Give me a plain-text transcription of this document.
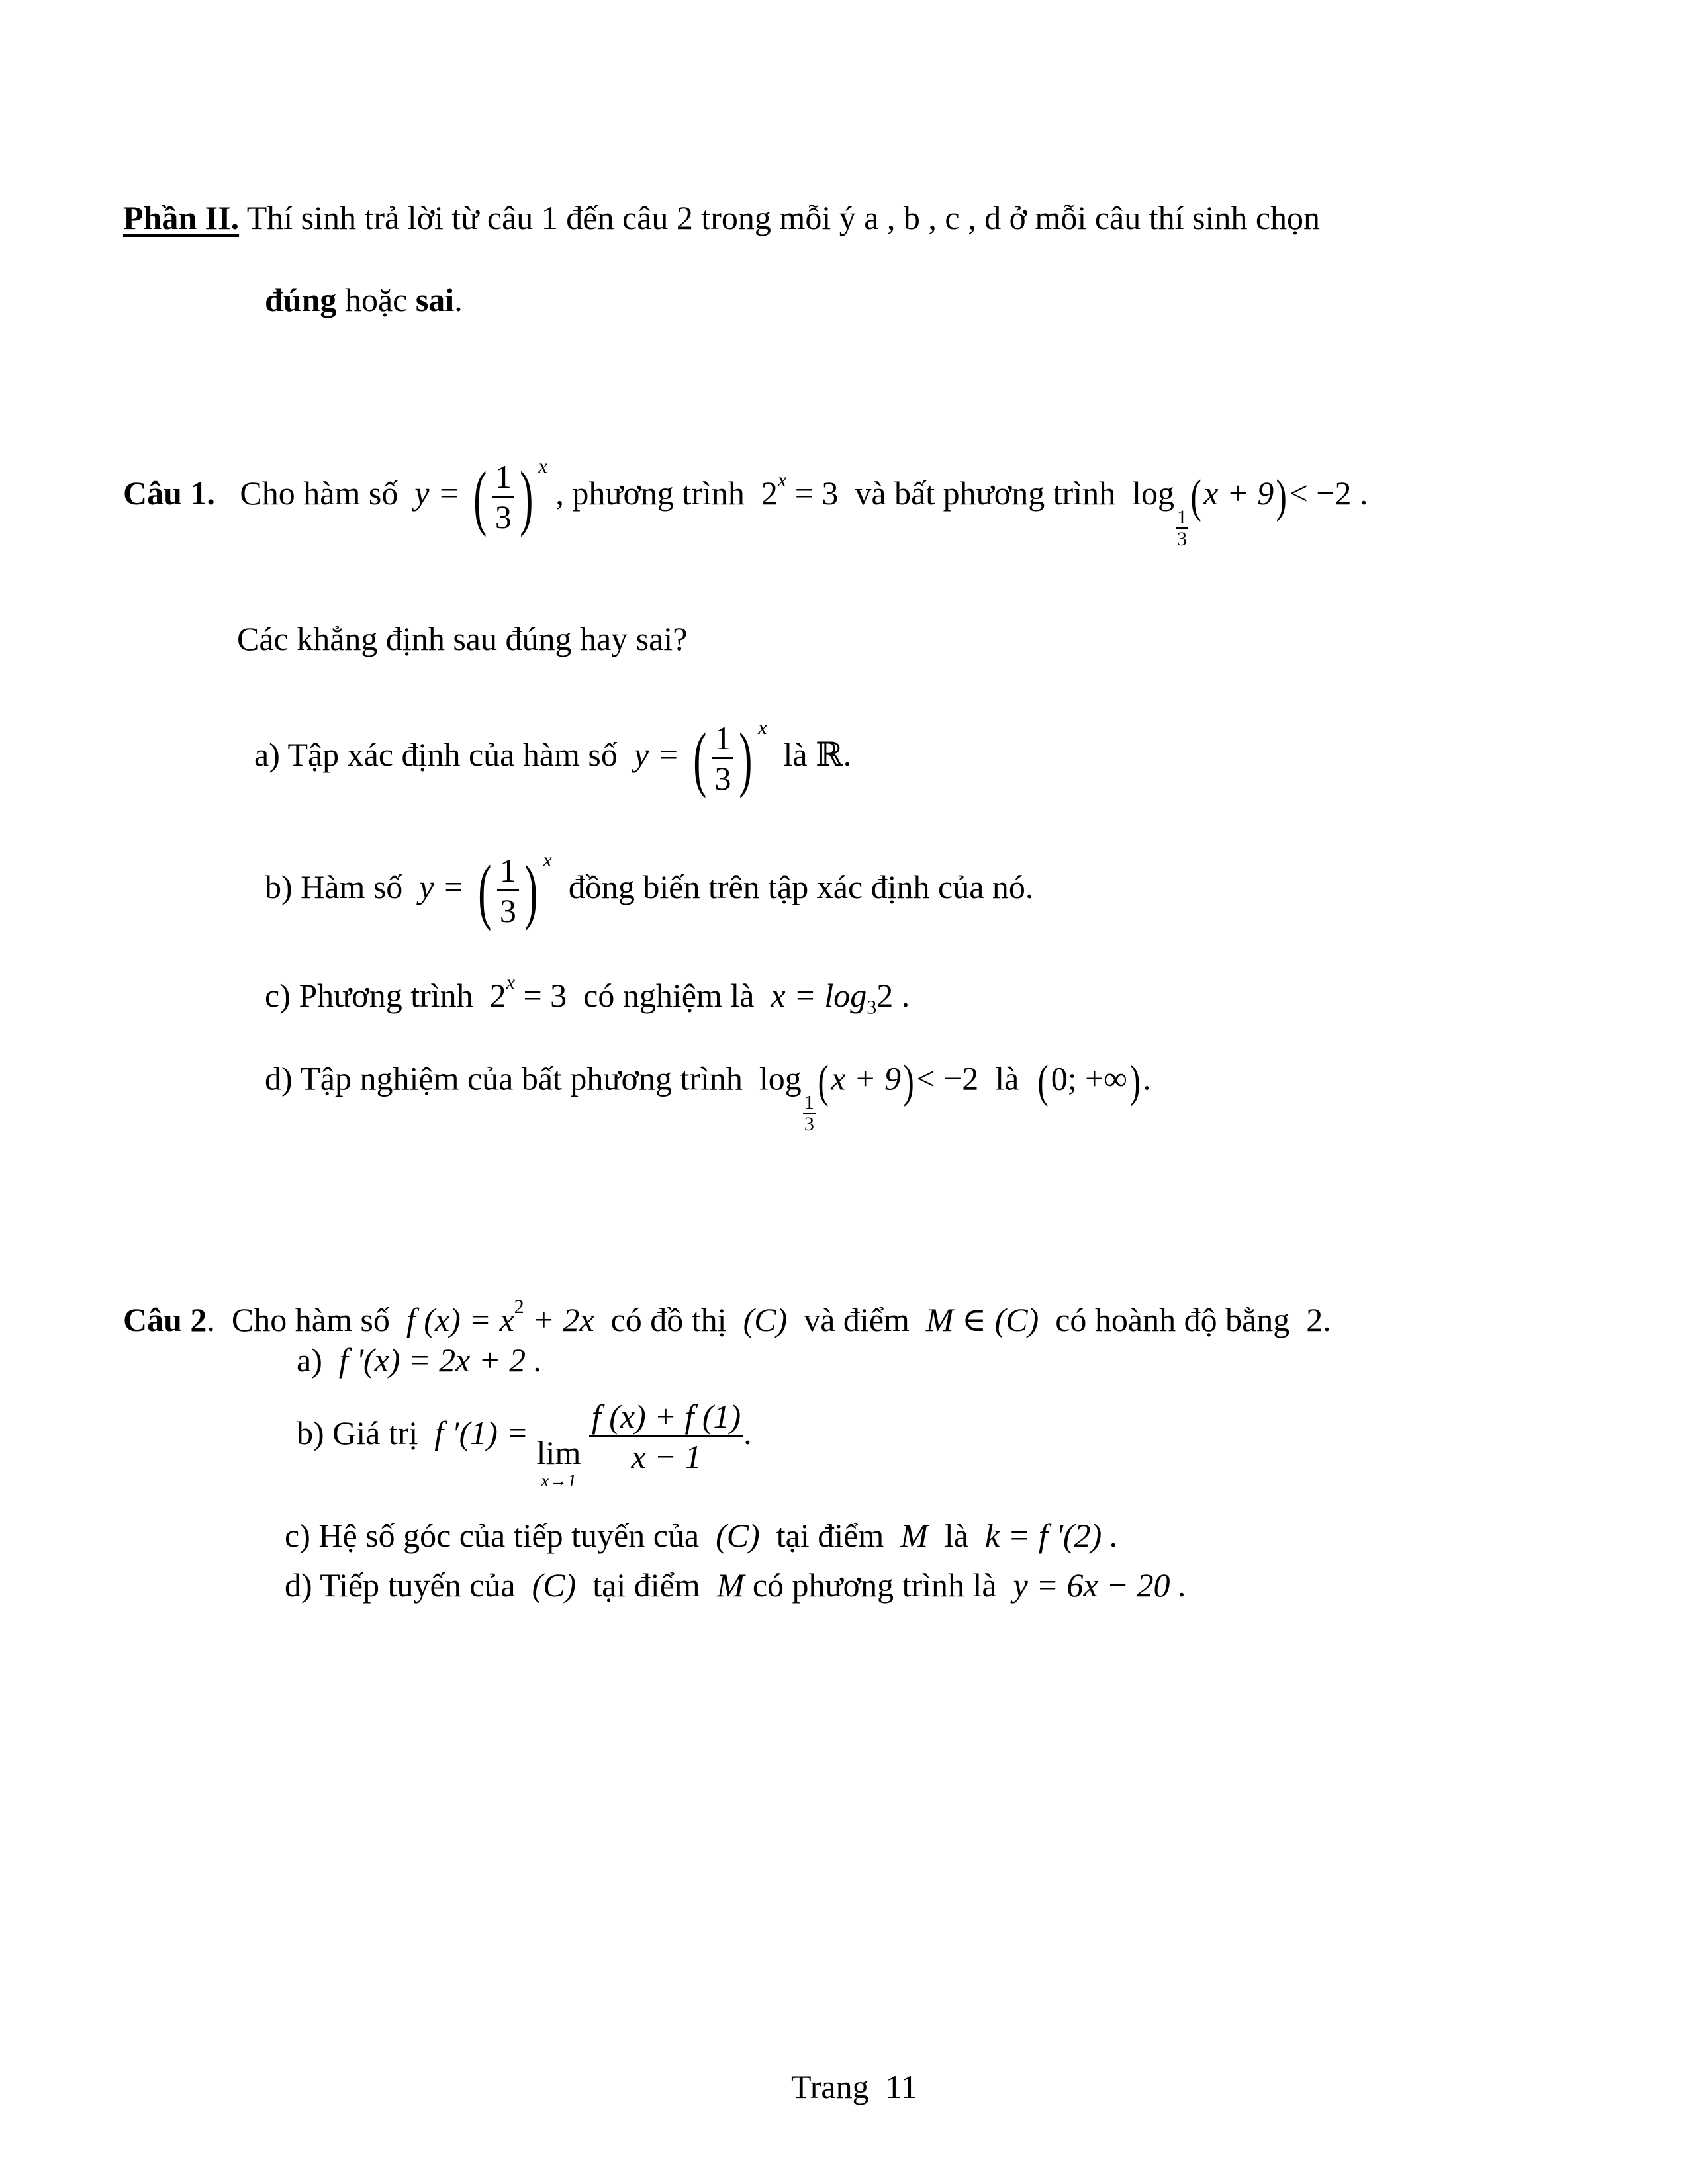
Phần II. Thí sinh trả lời từ câu 1 đến câu 2 trong mỗi ý a , b , c , d ở mỗi câu thí sinh chọn
đúng hoặc sai.
Câu 1. Cho hàm số y = ( $\frac{1}{3}$ ) $^x$ , phương trình $2^x = 3$ và bất phương trình log
$\frac{1}{3}$
(x + 9)< −2 .
Các khẳng định sau đúng hay sai?
a) Tập xác định của hàm số y = ( $\frac{1}{3}$ ) $^x$  là ℝ.
b) Hàm số y = ( $\frac{1}{3}$ ) $^x$  đồng biến trên tập xác định của nó.
c) Phương trình $2^x = 3$ có nghiệm là $x = \log_32$ .
d) Tập nghiệm của bất phương trình log
$\frac{1}{3}$
(x + 9)< −2 là (0; +∞).
Câu 2. Cho hàm số f $(x) = x^2 + 2x$ có đồ thị (C) và điểm M ∈ (C) có hoành độ bằng 2.
a) f '(x) = 2x + 2 .
b) Giá trị f ′(1) =
lim
x→1

$\frac{f (x) + f (1)}{x - 1}$ .
c) Hệ số góc của tiếp tuyến của (C) tại điểm M là k = f '(2) .
d) Tiếp tuyến của (C) tại điểm M có phương trình là y = 6x − 20 .
Trang  11
